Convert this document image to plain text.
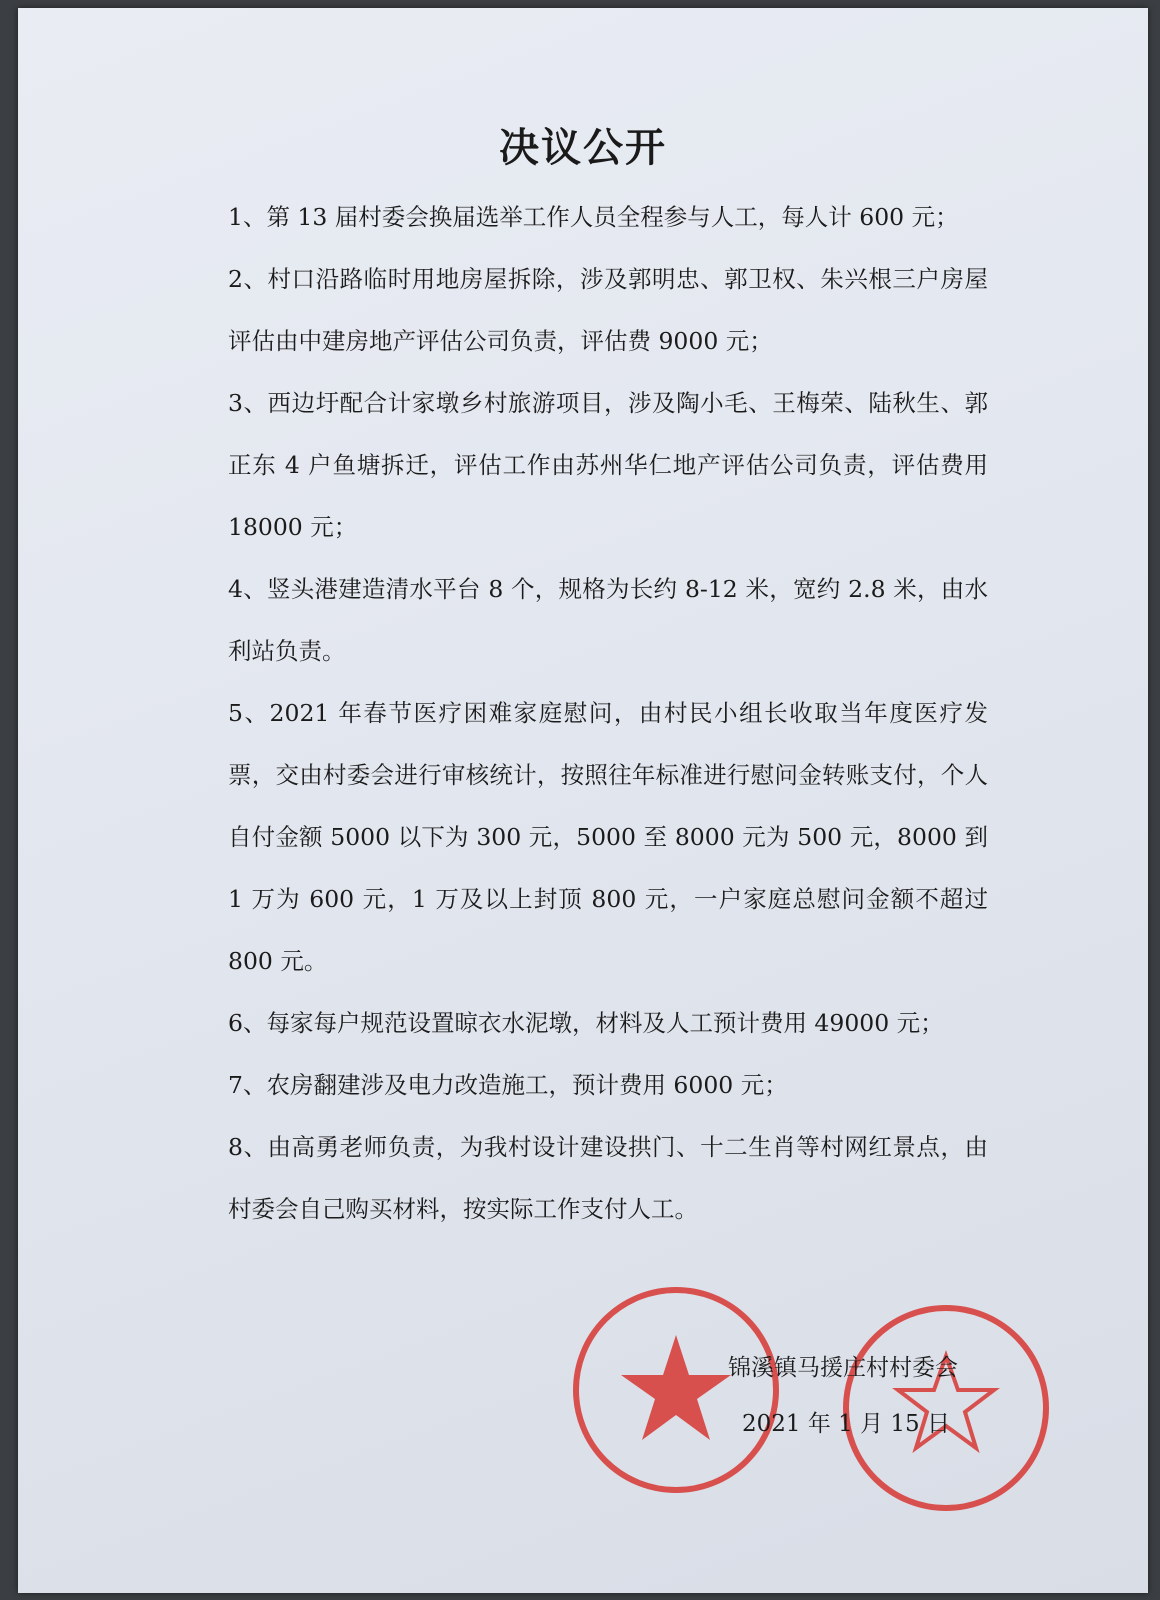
决议公开

1、第 13 届村委会换届选举工作人员全程参与人工，每人计 600 元；

2、村口沿路临时用地房屋拆除，涉及郭明忠、郭卫权、朱兴根三户房屋评估由中建房地产评估公司负责，评估费 9000 元；

3、西边圩配合计家墩乡村旅游项目，涉及陶小毛、王梅荣、陆秋生、郭正东 4 户鱼塘拆迁，评估工作由苏州华仁地产评估公司负责，评估费用 18000 元；

4、竖头港建造清水平台 8 个，规格为长约 8-12 米，宽约 2.8 米，由水利站负责。

5、2021 年春节医疗困难家庭慰问，由村民小组长收取当年度医疗发票，交由村委会进行审核统计，按照往年标准进行慰问金转账支付，个人自付金额 5000 以下为 300 元，5000 至 8000 元为 500 元，8000 到 1 万为 600 元，1 万及以上封顶 800 元，一户家庭总慰问金额不超过 800 元。

6、每家每户规范设置晾衣水泥墩，材料及人工预计费用 49000 元；

7、农房翻建涉及电力改造施工，预计费用 6000 元；

8、由高勇老师负责，为我村设计建设拱门、十二生肖等村网红景点，由村委会自己购买材料，按实际工作支付人工。

锦溪镇马援庄村村委会
2021 年 1 月 15 日
